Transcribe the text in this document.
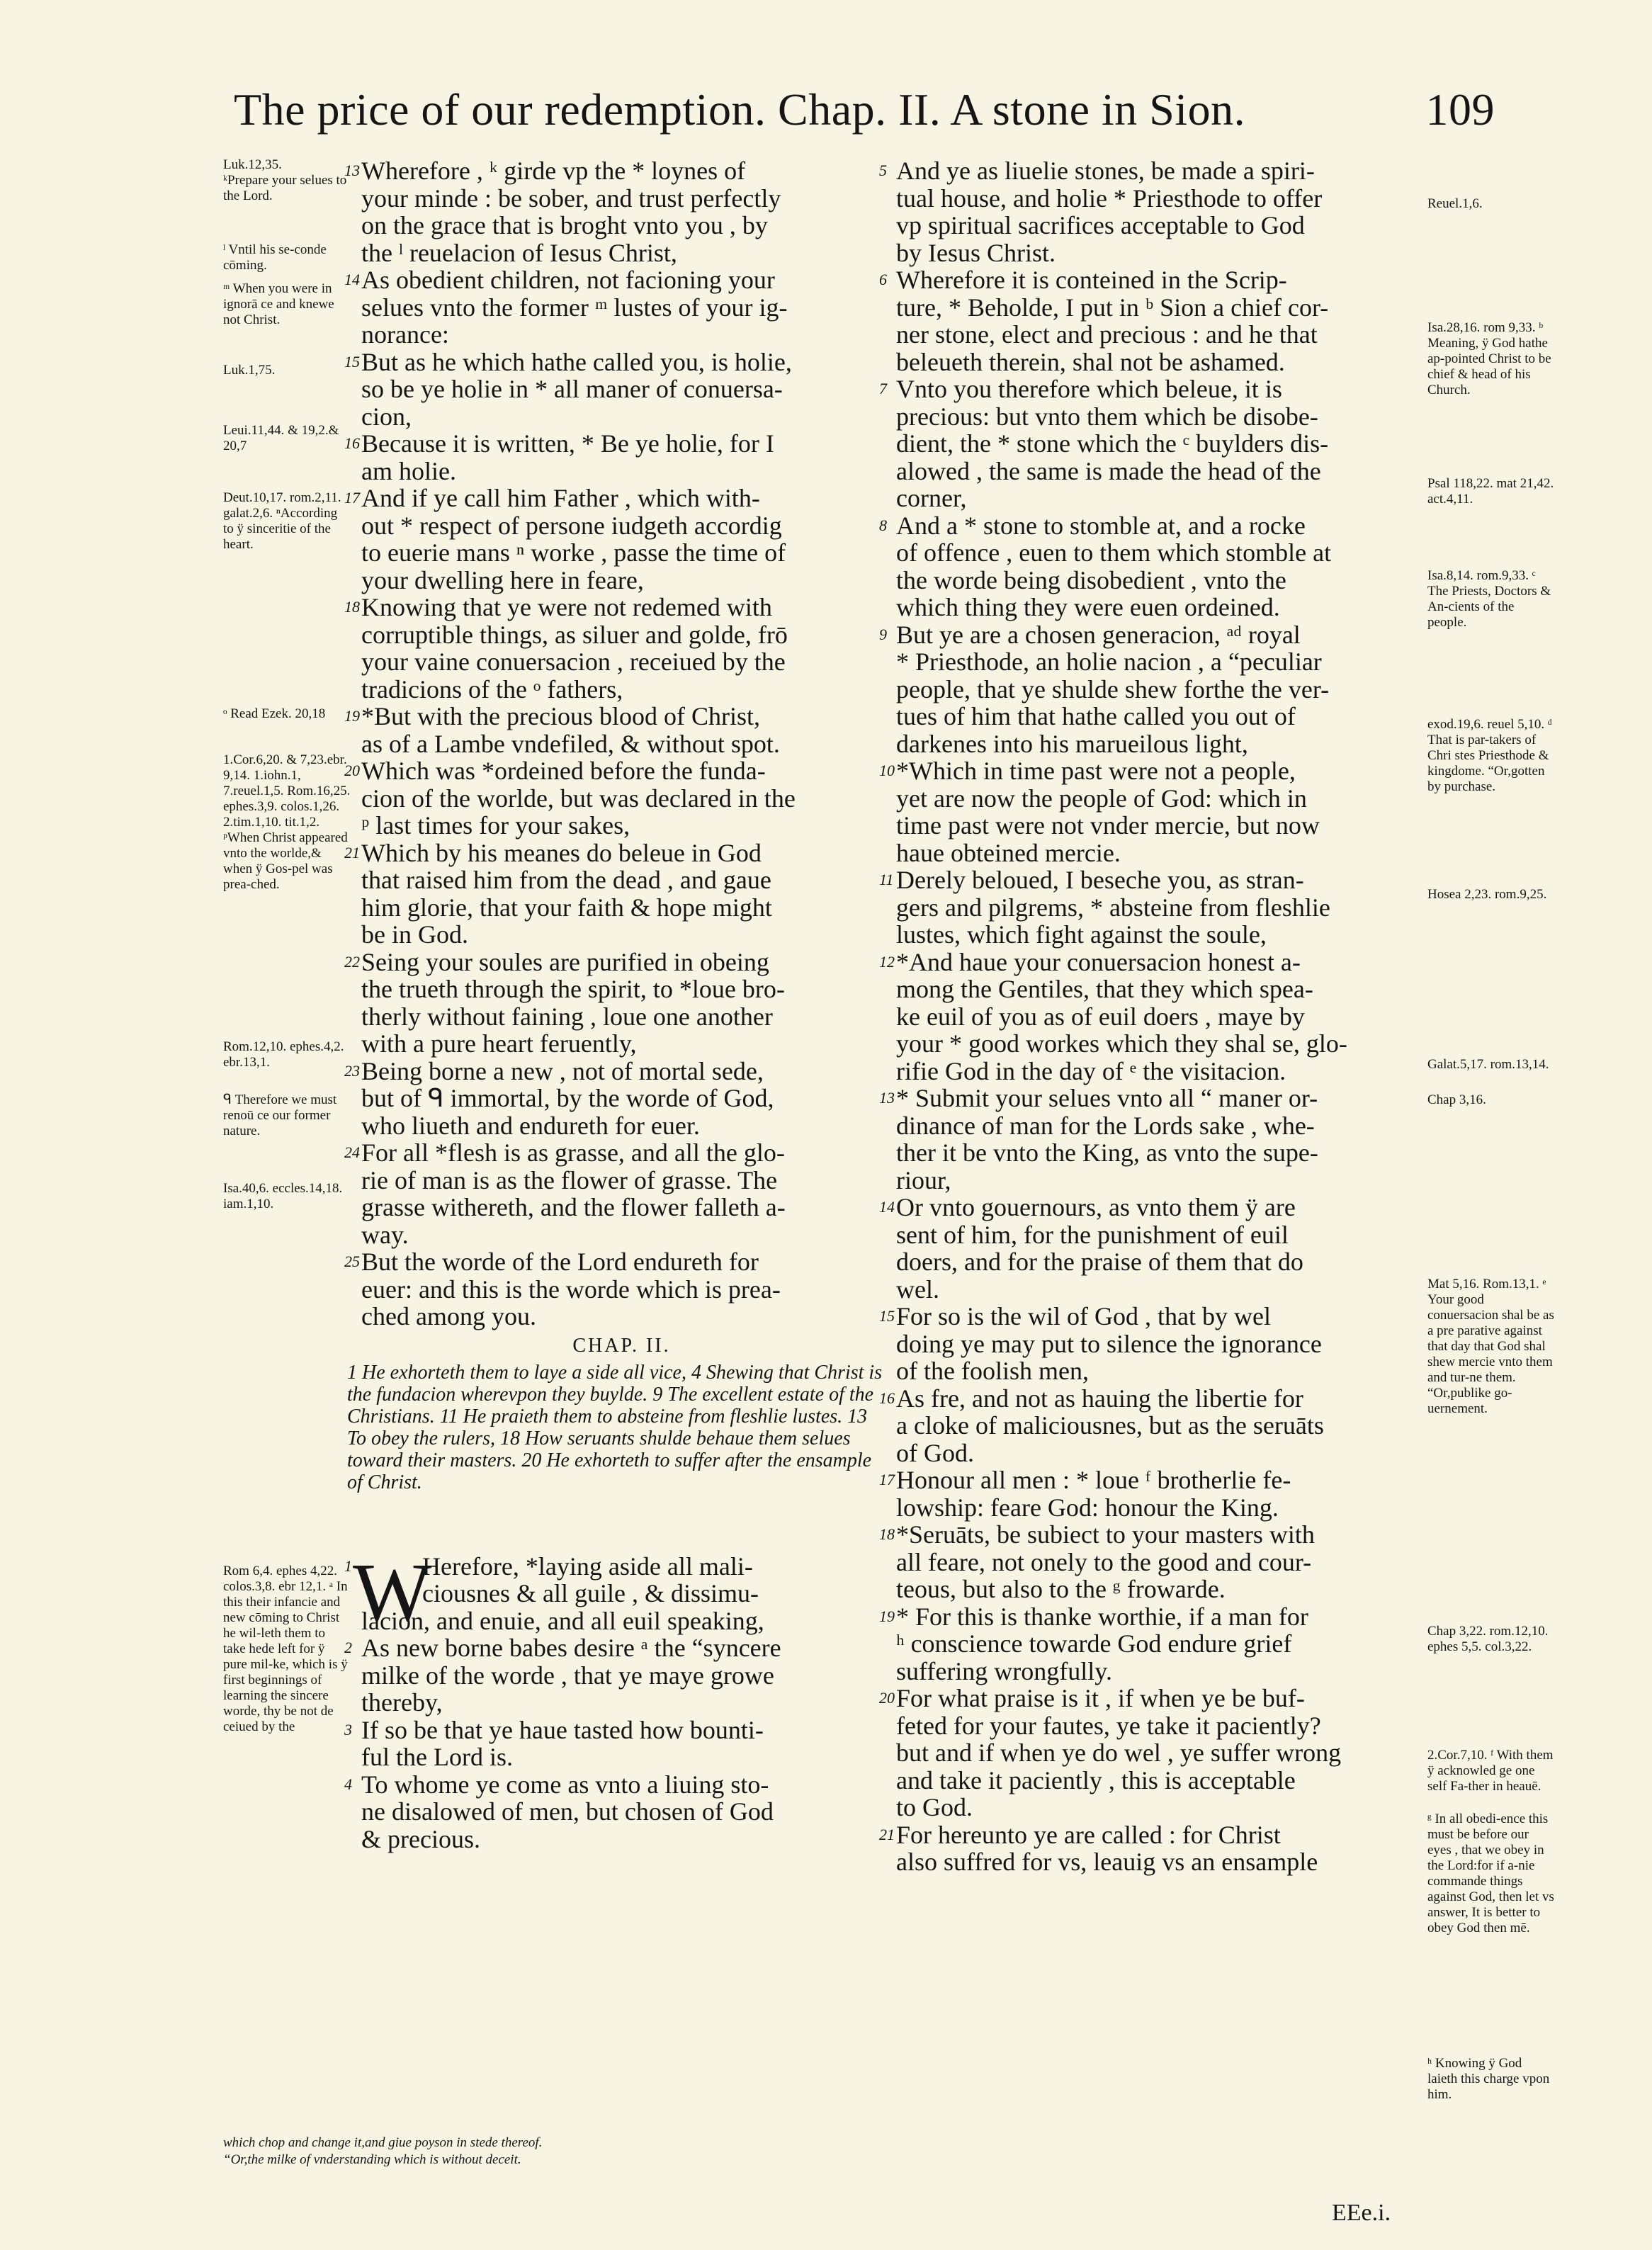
The price of our redemption. Chap. II. A stone in Sion.	109
Luk.12,35.
ᵏPrepare your selues to the Lord.
ˡ Vntil his se-conde cōming.
ᵐ When you were in ignorā ce and knewe not Christ.
Luk.1,75.
Leui.11,44. & 19,2.& 20,7
Deut.10,17. rom.2,11. galat.2,6. ⁿAccording to ÿ sinceritie of the heart.
ᵒ Read Ezek. 20,18
1.Cor.6,20. & 7,23.ebr. 9,14. 1.iohn.1, 7.reuel.1,5. Rom.16,25. ephes.3,9. colos.1,26. 2.tim.1,10. tit.1,2. ᵖWhen Christ appeared vnto the worlde,& when ÿ Gos-pel was prea-ched.
Rom.12,10. ephes.4,2. ebr.13,1.
ᑫ Therefore we must renoū ce our former nature.
Isa.40,6. eccles.14,18. iam.1,10.
Rom 6,4. ephes 4,22. colos.3,8. ebr 12,1. ᵃ In this their infancie and new cōming to Christ he wil-leth them to take hede left for ÿ pure mil-ke, which is ÿ first beginnings of learning the sincere worde, thy be not de ceiued by the
13 Wherefore , ᵏ girde vp the * loynes of
your minde : be sober, and trust perfectly
on the grace that is broght vnto you , by
the ˡ reuelacion of Iesus Christ,
14 As obedient children, not facioning your
selues vnto the former ᵐ lustes of your ig-
norance:
15 But as he which hathe called you, is holie,
so be ye holie in * all maner of conuersa-
cion,
16 Because it is written, * Be ye holie, for I
am holie.
17 And if ye call him Father , which with-
out * respect of persone iudgeth accordig
to euerie mans ⁿ worke , passe the time of
your dwelling here in feare,
18 Knowing that ye were not redemed with
corruptible things, as siluer and golde, frō
your vaine conuersacion , receiued by the
tradicions of the ᵒ fathers,
19 *But with the precious blood of Christ,
as of a Lambe vndefiled, & without spot.
20 Which was *ordeined before the funda-
cion of the worlde, but was declared in the
ᵖ last times for your sakes,
21 Which by his meanes do beleue in God
that raised him from the dead , and gaue
him glorie, that your faith & hope might
be in God.
22 Seing your soules are purified in obeing
the trueth through the spirit, to *loue bro-
therly without faining , loue one another
with a pure heart feruently,
23 Being borne a new , not of mortal sede,
but of ᑫ immortal, by the worde of God,
who liueth and endureth for euer.
24 For all *flesh is as grasse, and all the glo-
rie of man is as the flower of grasse. The
grasse withereth, and the flower falleth a-
way.
25 But the worde of the Lord endureth for
euer: and this is the worde which is prea-
ched among you.
CHAP. II.
1 He exhorteth them to laye a side all vice, 4 Shewing that Christ is the fundacion wherevpon they buylde. 9 The excellent estate of the Christians. 11 He praieth them to absteine from fleshlie lustes. 13 To obey the rulers, 18 How seruants shulde behaue them selues toward their masters. 20 He exhorteth to suffer after the ensample of Christ.
W
1	Herefore, *laying aside all mali-
ciousnes & all guile , & dissimu-
lacion, and enuie, and all euil speaking,
2 As new borne babes desire ᵃ the “syncere
milke of the worde , that ye maye growe
thereby,
3 If so be that ye haue tasted how bounti-
ful the Lord is.
4 To whome ye come as vnto a liuing sto-
ne disalowed of men, but chosen of God
& precious.
5 And ye as liuelie stones, be made a spiri-
tual house, and holie * Priesthode to offer
vp spiritual sacrifices acceptable to God
by Iesus Christ.
6 Wherefore it is conteined in the Scrip-
ture, * Beholde, I put in ᵇ Sion a chief cor-
ner stone, elect and precious : and he that
beleueth therein, shal not be ashamed.
7 Vnto you therefore which beleue, it is
precious: but vnto them which be disobe-
dient, the * stone which the ᶜ buylders dis-
alowed , the same is made the head of the
corner,
8 And a * stone to stomble at, and a rocke
of offence , euen to them which stomble at
the worde being disobedient , vnto the
which thing they were euen ordeined.
9 But ye are a chosen generacion, ᵃᵈ royal
* Priesthode, an holie nacion , a “peculiar
people, that ye shulde shew forthe the ver-
tues of him that hathe called you out of
darkenes into his marueilous light,
10 *Which in time past were not a people,
yet are now the people of God: which in
time past were not vnder mercie, but now
haue obteined mercie.
11 Derely beloued, I beseche you, as stran-
gers and pilgrems, * absteine from fleshlie
lustes, which fight against the soule,
12 *And haue your conuersacion honest a-
mong the Gentiles, that they which spea-
ke euil of you as of euil doers , maye by
your * good workes which they shal se, glo-
rifie God in the day of ᵉ the visitacion.
13 * Submit your selues vnto all “ maner or-
dinance of man for the Lords sake , whe-
ther it be vnto the King, as vnto the supe-
riour,
14 Or vnto gouernours, as vnto them ÿ are
sent of him, for the punishment of euil
doers, and for the praise of them that do
wel.
15 For so is the wil of God , that by wel
doing ye may put to silence the ignorance
of the foolish men,
16 As fre, and not as hauing the libertie for
a cloke of maliciousnes, but as the seruāts
of God.
17 Honour all men : * loue ᶠ brotherlie fe-
lowship: feare God: honour the King.
18 *Seruāts, be subiect to your masters with
all feare, not onely to the good and cour-
teous, but also to the ᵍ frowarde.
19 * For this is thanke worthie, if a man for
ʰ conscience towarde God endure grief
suffering wrongfully.
20 For what praise is it , if when ye be buf-
feted for your fautes, ye take it paciently?
but and if when ye do wel , ye suffer wrong
and take it paciently , this is acceptable
to God.
21 For hereunto ye are called : for Christ
also suffred for vs, leauig vs an ensample
Reuel.1,6.
Isa.28,16. rom 9,33. ᵇ Meaning, ÿ God hathe ap-pointed Christ to be chief & head of his Church.
Psal 118,22. mat 21,42. act.4,11.
Isa.8,14. rom.9,33. ᶜ The Priests, Doctors & An-cients of the people.
exod.19,6. reuel 5,10. ᵈ That is par-takers of Chri stes Priesthode & kingdome. “Or,gotten by purchase.
Hosea 2,23. rom.9,25.
Galat.5,17. rom.13,14.
Chap 3,16.
Mat 5,16. Rom.13,1. ᵉ Your good conuersacion shal be as a pre parative against that day that God shal shew mercie vnto them and tur-ne them. “Or,publike go-uernement.
Chap 3,22. rom.12,10. ephes 5,5. col.3,22.
2.Cor.7,10. ᶠ With them ÿ acknowled ge one self Fa-ther in heauē.
ᵍ In all obedi-ence this must be before our eyes , that we obey in the Lord:for if a-nie commande things against God, then let vs answer, It is better to obey God then mē.
ʰ Knowing ÿ God laieth this charge vpon him.
which chop and change it,and giue poyson in stede thereof.
“Or,the milke of vnderstanding which is without deceit.
EEe.i.
